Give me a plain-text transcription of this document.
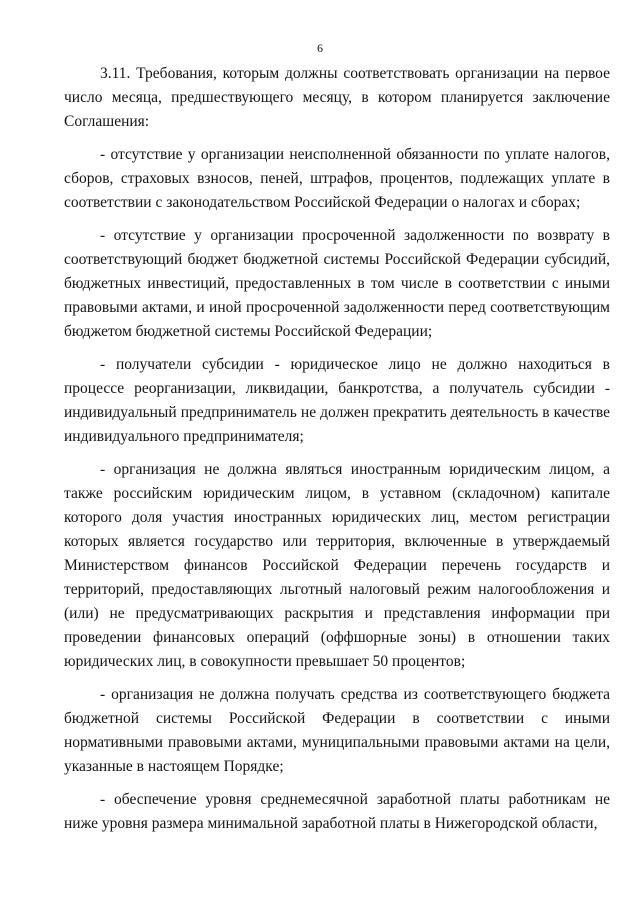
6

3.11. Требования, которым должны соответствовать организации на первое число месяца, предшествующего месяцу, в котором планируется заключение Соглашения:

- отсутствие у организации неисполненной обязанности по уплате налогов, сборов, страховых взносов, пеней, штрафов, процентов, подлежащих уплате в соответствии с законодательством Российской Федерации о налогах и сборах;

- отсутствие у организации просроченной задолженности по возврату в соответствующий бюджет бюджетной системы Российской Федерации субсидий, бюджетных инвестиций, предоставленных в том числе в соответствии с иными правовыми актами, и иной просроченной задолженности перед соответствующим бюджетом бюджетной системы Российской Федерации;

- получатели субсидии - юридическое лицо не должно находиться в процессе реорганизации, ликвидации, банкротства, а получатель субсидии - индивидуальный предприниматель не должен прекратить деятельность в качестве индивидуального предпринимателя;

- организация не должна являться иностранным юридическим лицом, а также российским юридическим лицом, в уставном (складочном) капитале которого доля участия иностранных юридических лиц, местом регистрации которых является государство или территория, включенные в утверждаемый Министерством финансов Российской Федерации перечень государств и территорий, предоставляющих льготный налоговый режим налогообложения и (или) не предусматривающих раскрытия и представления информации при проведении финансовых операций (оффшорные зоны) в отношении таких юридических лиц, в совокупности превышает 50 процентов;

- организация не должна получать средства из соответствующего бюджета бюджетной системы Российской Федерации в соответствии с иными нормативными правовыми актами, муниципальными правовыми актами на цели, указанные в настоящем Порядке;

- обеспечение уровня среднемесячной заработной платы работникам не ниже уровня размера минимальной заработной платы в Нижегородской области,
